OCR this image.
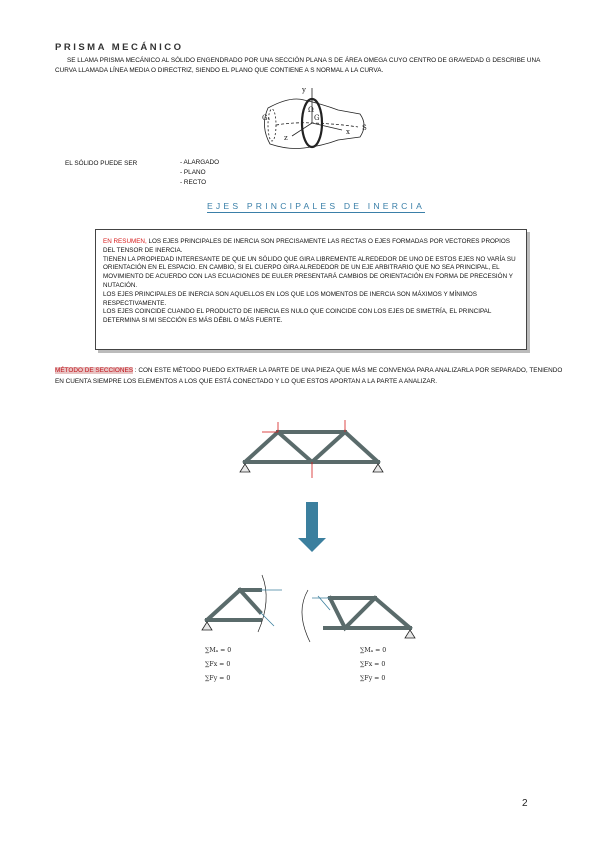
PRISMA MECÁNICO
SE LLAMA PRISMA MECÁNICO AL SÓLIDO ENGENDRADO POR UNA SECCIÓN PLANA S DE ÁREA OMEGA CUYO CENTRO DE GRAVEDAD G DESCRIBE UNA CURVA LLAMADA LÍNEA MEDIA O DIRECTRIZ, SIENDO EL PLANO QUE CONTIENE A S NORMAL A LA CURVA.
y
x
z
G₁	G
S
Ω
EL SÓLIDO PUEDE SER	- ALARGADO
- PLANO
- RECTO
EJES PRINCIPALES DE INERCIA
EN RESUMEN, LOS EJES PRINCIPALES DE INERCIA SON PRECISAMENTE LAS RECTAS O EJES FORMADAS POR VECTORES PROPIOS DEL TENSOR DE INERCIA.
TIENEN LA PROPIEDAD INTERESANTE DE QUE UN SÓLIDO QUE GIRA LIBREMENTE ALREDEDOR DE UNO DE ESTOS EJES NO VARÍA SU ORIENTACIÓN EN EL ESPACIO. EN CAMBIO, SI EL CUERPO GIRA ALREDEDOR DE UN EJE ARBITRARIO QUE NO SEA PRINCIPAL, EL MOVIMIENTO DE ACUERDO CON LAS ECUACIONES DE EULER PRESENTARÁ CAMBIOS DE ORIENTACIÓN EN FORMA DE PRECESIÓN Y NUTACIÓN.
LOS EJES PRINCIPALES DE INERCIA SON AQUELLOS EN LOS QUE LOS MOMENTOS DE INERCIA SON MÁXIMOS Y MÍNIMOS RESPECTIVAMENTE.
LOS EJES COINCIDE CUANDO EL PRODUCTO DE INERCIA ES NULO QUE COINCIDE CON LOS EJES DE SIMETRÍA, EL PRINCIPAL DETERMINA SI MI SECCIÓN ES MÁS DÉBIL O MÁS FUERTE.
MÉTODO DE SECCIONES : CON ESTE MÉTODO PUEDO EXTRAER LA PARTE DE UNA PIEZA QUE MÁS ME CONVENGA PARA ANALIZARLA POR SEPARADO, TENIENDO EN CUENTA SIEMPRE LOS ELEMENTOS A LOS QUE ESTÁ CONECTADO Y LO QUE ESTOS APORTAN A LA PARTE A ANALIZAR.
∑Mₐ = 0
∑Fx = 0
∑Fy = 0
∑Mₐ = 0
∑Fx = 0
∑Fy = 0
2
